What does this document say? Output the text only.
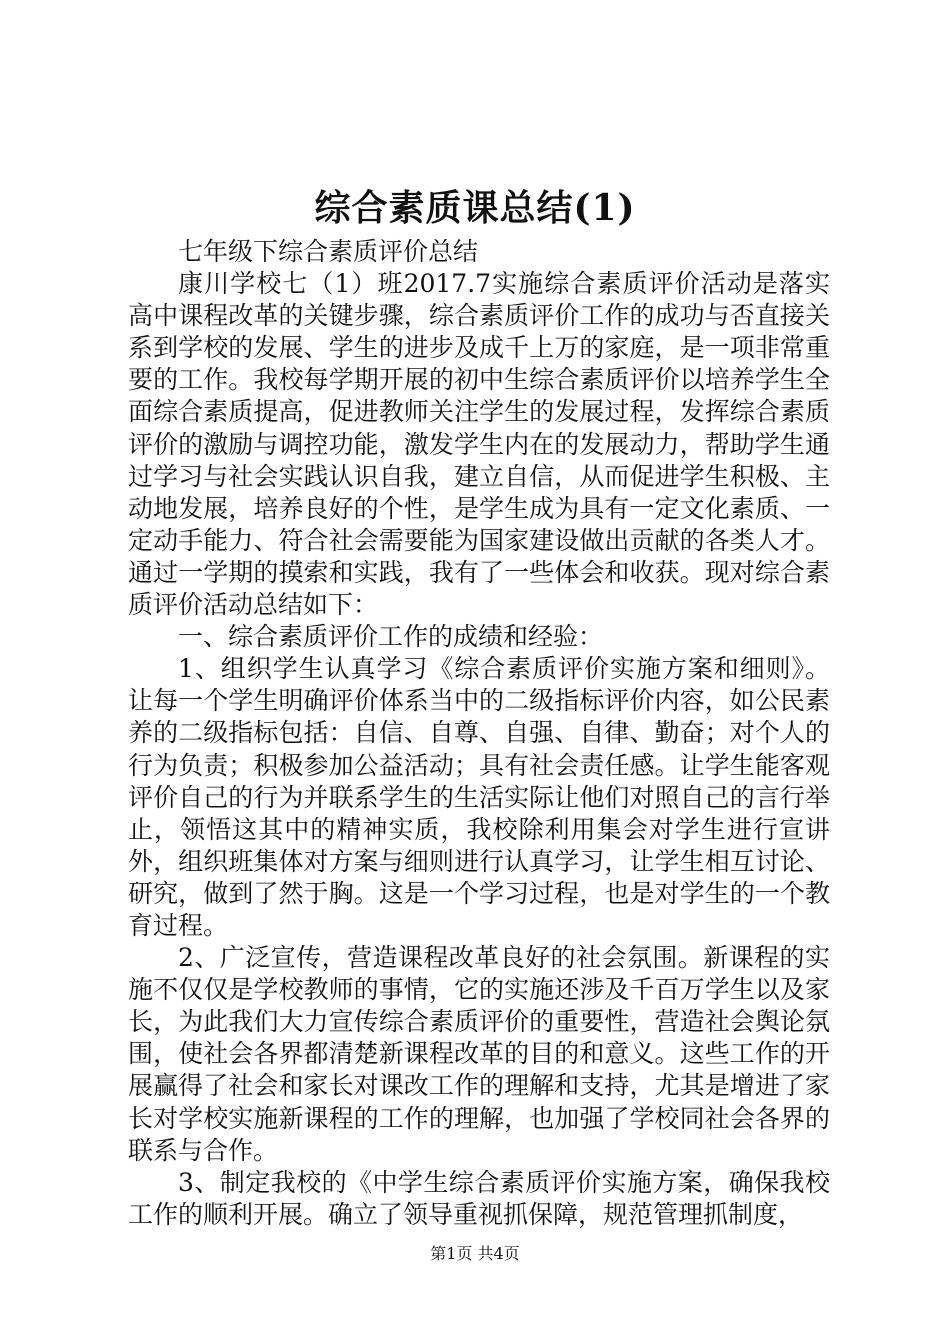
综合素质课总结(1)

七年级下综合素质评价总结

康川学校七（1）班2017.7实施综合素质评价活动是落实高中课程改革的关键步骤，综合素质评价工作的成功与否直接关系到学校的发展、学生的进步及成千上万的家庭，是一项非常重要的工作。我校每学期开展的初中生综合素质评价以培养学生全面综合素质提高，促进教师关注学生的发展过程，发挥综合素质评价的激励与调控功能，激发学生内在的发展动力，帮助学生通过学习与社会实践认识自我，建立自信，从而促进学生积极、主动地发展，培养良好的个性，是学生成为具有一定文化素质、一定动手能力、符合社会需要能为国家建设做出贡献的各类人才。通过一学期的摸索和实践，我有了一些体会和收获。现对综合素质评价活动总结如下：

一、综合素质评价工作的成绩和经验：

1、组织学生认真学习《综合素质评价实施方案和细则》。让每一个学生明确评价体系当中的二级指标评价内容，如公民素养的二级指标包括：自信、自尊、自强、自律、勤奋；对个人的行为负责；积极参加公益活动；具有社会责任感。让学生能客观评价自己的行为并联系学生的生活实际让他们对照自己的言行举止，领悟这其中的精神实质，我校除利用集会对学生进行宣讲外，组织班集体对方案与细则进行认真学习，让学生相互讨论、研究，做到了然于胸。这是一个学习过程，也是对学生的一个教育过程。

2、广泛宣传，营造课程改革良好的社会氛围。新课程的实施不仅仅是学校教师的事情，它的实施还涉及千百万学生以及家长，为此我们大力宣传综合素质评价的重要性，营造社会舆论氛围，使社会各界都清楚新课程改革的目的和意义。这些工作的开展赢得了社会和家长对课改工作的理解和支持，尤其是增进了家长对学校实施新课程的工作的理解，也加强了学校同社会各界的联系与合作。

3、制定我校的《中学生综合素质评价实施方案，确保我校工作的顺利开展。确立了领导重视抓保障，规范管理抓制度，

第1页 共4页
